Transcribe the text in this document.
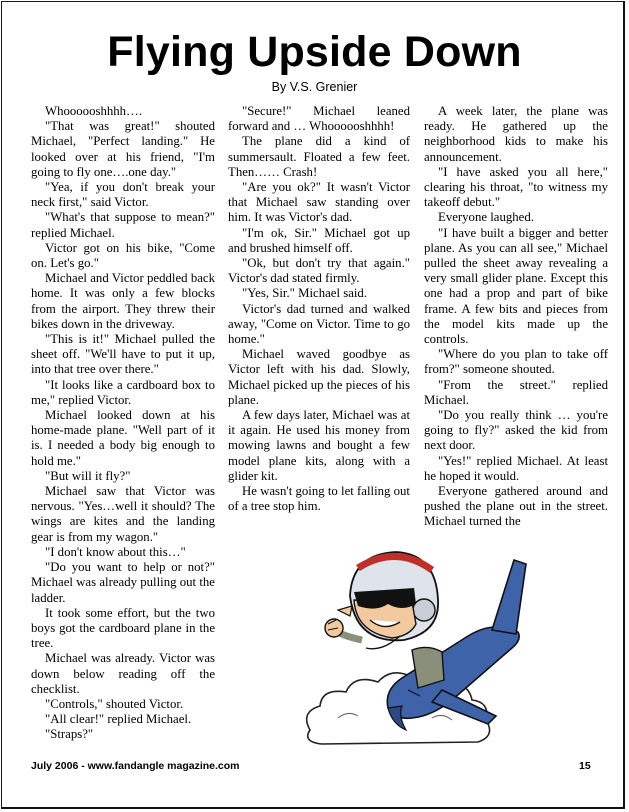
Flying Upside Down
By V.S. Grenier

Whoooooshhhh….

"That was great!" shouted Michael, "Perfect landing." He looked over at his friend, "I'm going to fly one….one day."

"Yea, if you don't break your neck first," said Victor.

"What's that suppose to mean?" replied Michael.

Victor got on his bike, "Come on. Let's go."

Michael and Victor peddled back home. It was only a few blocks from the airport. They threw their bikes down in the driveway.

"This is it!" Michael pulled the sheet off. "We'll have to put it up, into that tree over there."

"It looks like a cardboard box to me," replied Victor.

Michael looked down at his home-made plane. "Well part of it is. I needed a body big enough to hold me."

"But will it fly?"

Michael saw that Victor was nervous. "Yes…well it should? The wings are kites and the landing gear is from my wagon."

"I don't know about this…"

"Do you want to help or not?" Michael was already pulling out the ladder.

It took some effort, but the two boys got the cardboard plane in the tree.

Michael was already. Victor was down below reading off the checklist.

"Controls," shouted Victor.

"All clear!" replied Michael.

"Straps?"

"Secure!" Michael leaned forward and … Whoooooshhhh!

The plane did a kind of summersault. Floated a few feet. Then…… Crash!

"Are you ok?" It wasn't Victor that Michael saw standing over him. It was Victor's dad.

"I'm ok, Sir." Michael got up and brushed himself off.

"Ok, but don't try that again." Victor's dad stated firmly.

"Yes, Sir." Michael said.

Victor's dad turned and walked away, "Come on Victor. Time to go home."

Michael waved goodbye as Victor left with his dad. Slowly, Michael picked up the pieces of his plane.

A few days later, Michael was at it again. He used his money from mowing lawns and bought a few model plane kits, along with a glider kit.

He wasn't going to let falling out of a tree stop him.

A week later, the plane was ready. He gathered up the neighborhood kids to make his announcement.

"I have asked you all here," clearing his throat, "to witness my takeoff debut."

Everyone laughed.

"I have built a bigger and better plane. As you can all see," Michael pulled the sheet away revealing a very small glider plane. Except this one had a prop and part of bike frame. A few bits and pieces from the model kits made up the controls.

"Where do you plan to take off from?" someone shouted.

"From the street." replied Michael.

"Do you really think … you're going to fly?" asked the kid from next door.

"Yes!" replied Michael. At least he hoped it would.

Everyone gathered around and pushed the plane out in the street. Michael turned the

July 2006 - www.fandangle magazine.com	15
